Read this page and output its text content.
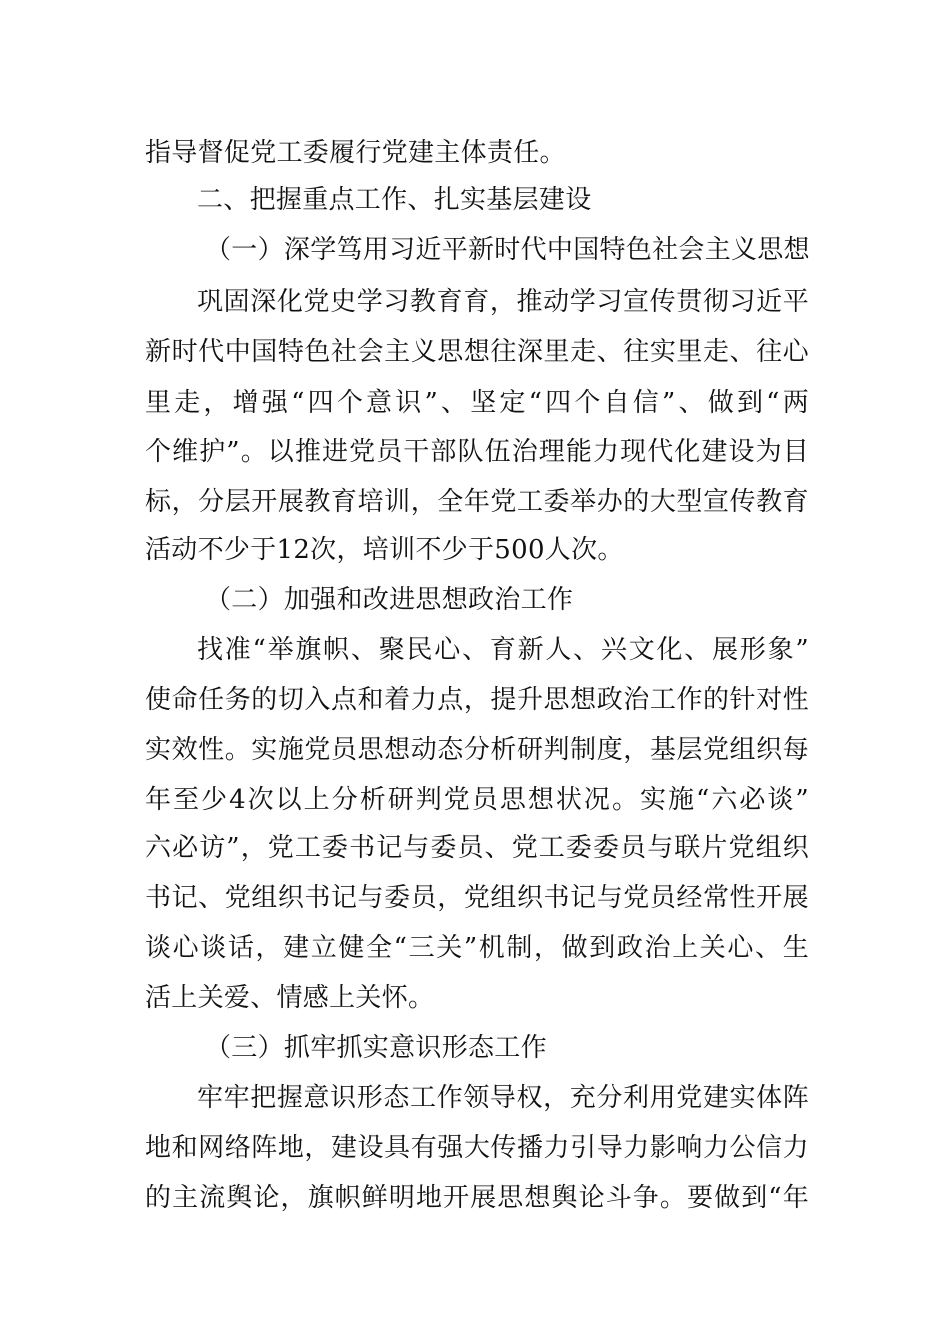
指导督促党工委履行党建主体责任。
二、把握重点工作、扎实基层建设
（一）深学笃用习近平新时代中国特色社会主义思想
巩固深化党史学习教育育，推动学习宣传贯彻习近平
新时代中国特色社会主义思想往深里走、往实里走、往心
里走，增强“四个意识”、坚定“四个自信”、做到“两
个维护”。以推进党员干部队伍治理能力现代化建设为目
标，分层开展教育培训，全年党工委举办的大型宣传教育
活动不少于12次，培训不少于500人次。
（二）加强和改进思想政治工作
找准“举旗帜、聚民心、育新人、兴文化、展形象”
使命任务的切入点和着力点，提升思想政治工作的针对性
实效性。实施党员思想动态分析研判制度，基层党组织每
年至少4次以上分析研判党员思想状况。实施“六必谈”
六必访”，党工委书记与委员、党工委委员与联片党组织
书记、党组织书记与委员，党组织书记与党员经常性开展
谈心谈话，建立健全“三关”机制，做到政治上关心、生
活上关爱、情感上关怀。
（三）抓牢抓实意识形态工作
牢牢把握意识形态工作领导权，充分利用党建实体阵
地和网络阵地，建设具有强大传播力引导力影响力公信力
的主流舆论，旗帜鲜明地开展思想舆论斗争。要做到“年
